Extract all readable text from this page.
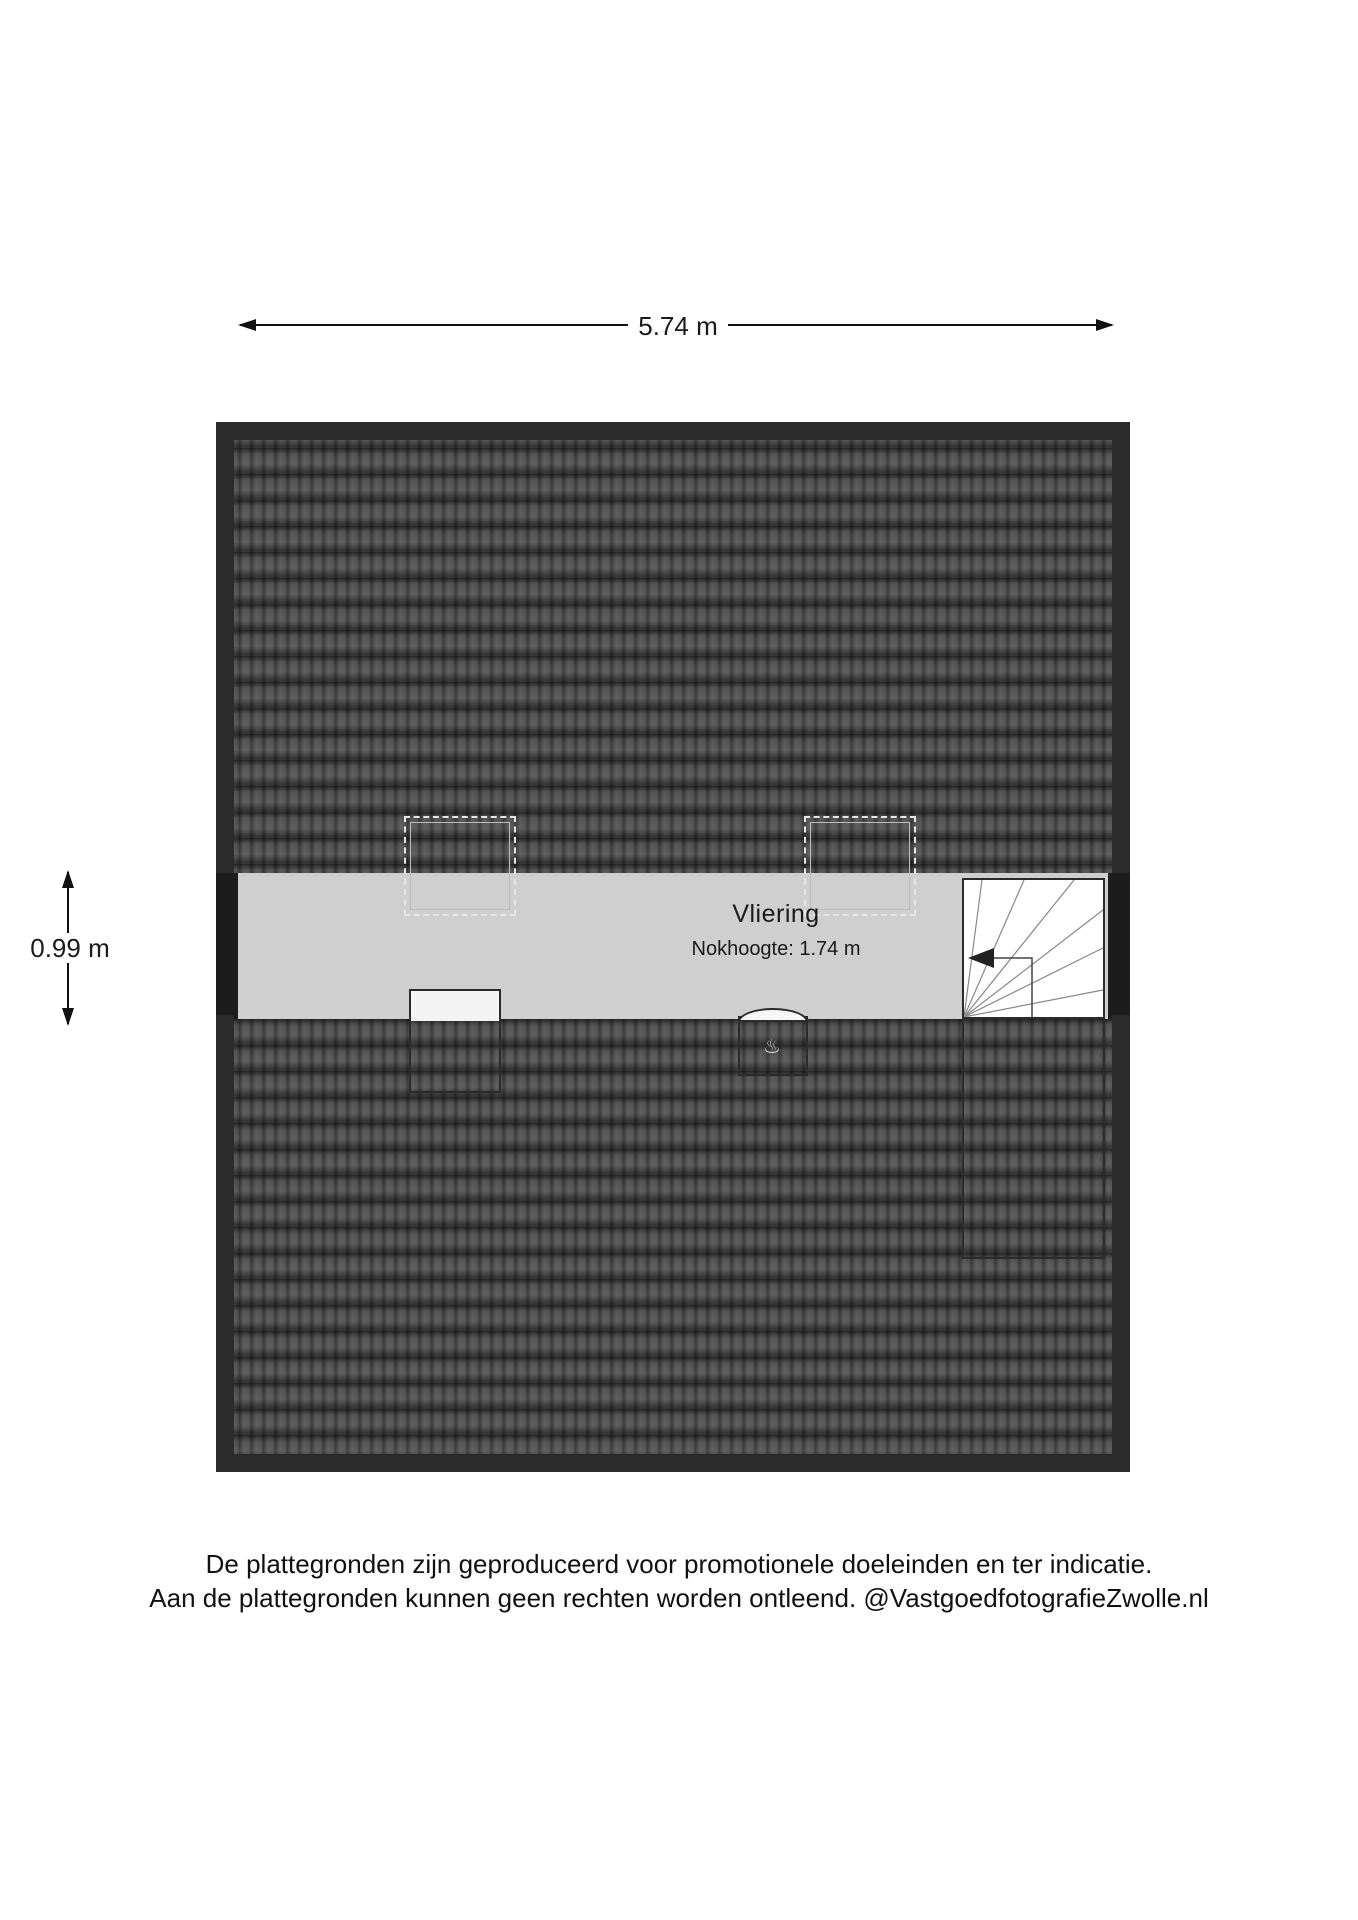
5.74 m
0.99 m
♨
Vliering
Nokhoogte: 1.74 m
De plattegronden zijn geproduceerd voor promotionele doeleinden en ter indicatie.
Aan de plattegronden kunnen geen rechten worden ontleend. @VastgoedfotografieZwolle.nl
